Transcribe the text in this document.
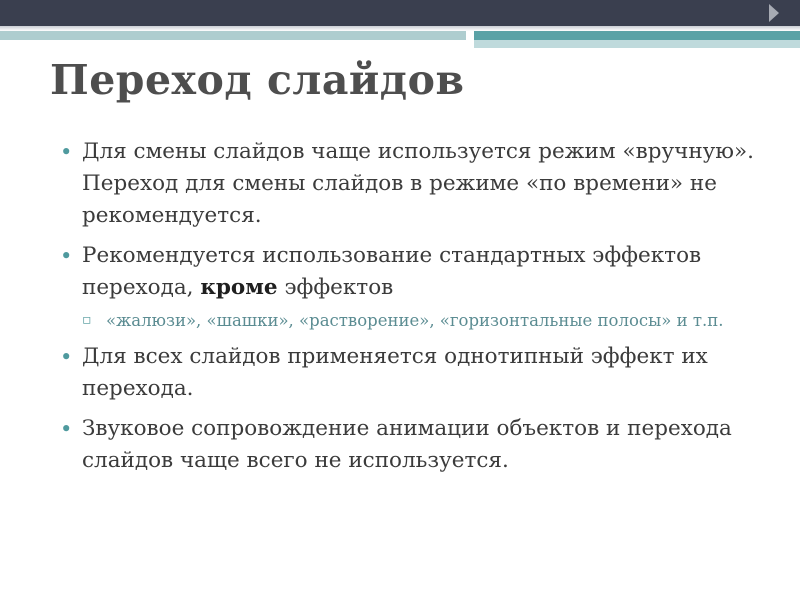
Переход слайдов
• Для смены слайдов чаще используется режим «вручную». Переход для смены слайдов в режиме «по времени» не рекомендуется.
• Рекомендуется использование стандартных эффектов перехода, кроме эффектов
▫ «жалюзи», «шашки», «растворение», «горизонтальные полосы» и т.п.
• Для всех слайдов применяется однотипный эффект их перехода.
• Звуковое сопровождение анимации объектов и перехода слайдов чаще всего не используется.
